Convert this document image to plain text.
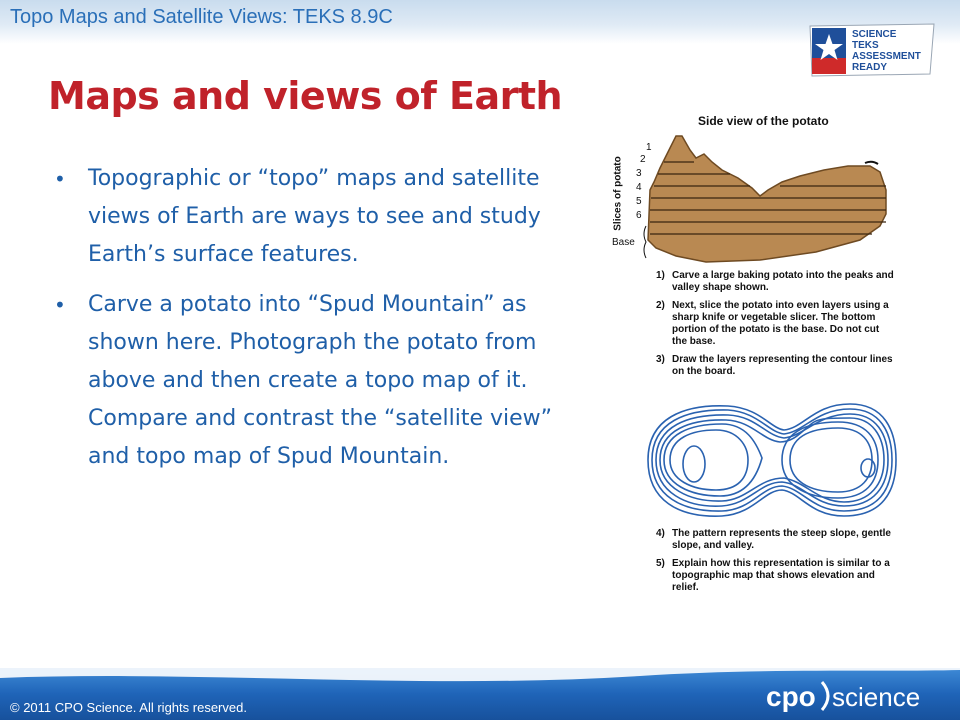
Topo Maps and Satellite Views: TEKS 8.9C
SCIENCE
TEKS
ASSESSMENT
READY
Maps and views of Earth
• Topographic or “topo” maps and satellite views of Earth are ways to see and study Earth’s surface features.
• Carve a potato into “Spud Mountain” as shown here. Photograph the potato from above and then create a topo map of it. Compare and contrast the “satellite view” and topo map of Spud Mountain.
Side view of the potato
Slices of potato
1
2
3
4
5
6
Base
1) Carve a large baking potato into the peaks and valley shape shown.
2) Next, slice the potato into even layers using a sharp knife or vegetable slicer. The bottom portion of the potato is the base. Do not cut the base.
3) Draw the layers representing the contour lines on the board.
4) The pattern represents the steep slope, gentle slope, and valley.
5) Explain how this representation is similar to a topographic map that shows elevation and relief.
© 2011 CPO Science. All rights reserved.	cpo science
